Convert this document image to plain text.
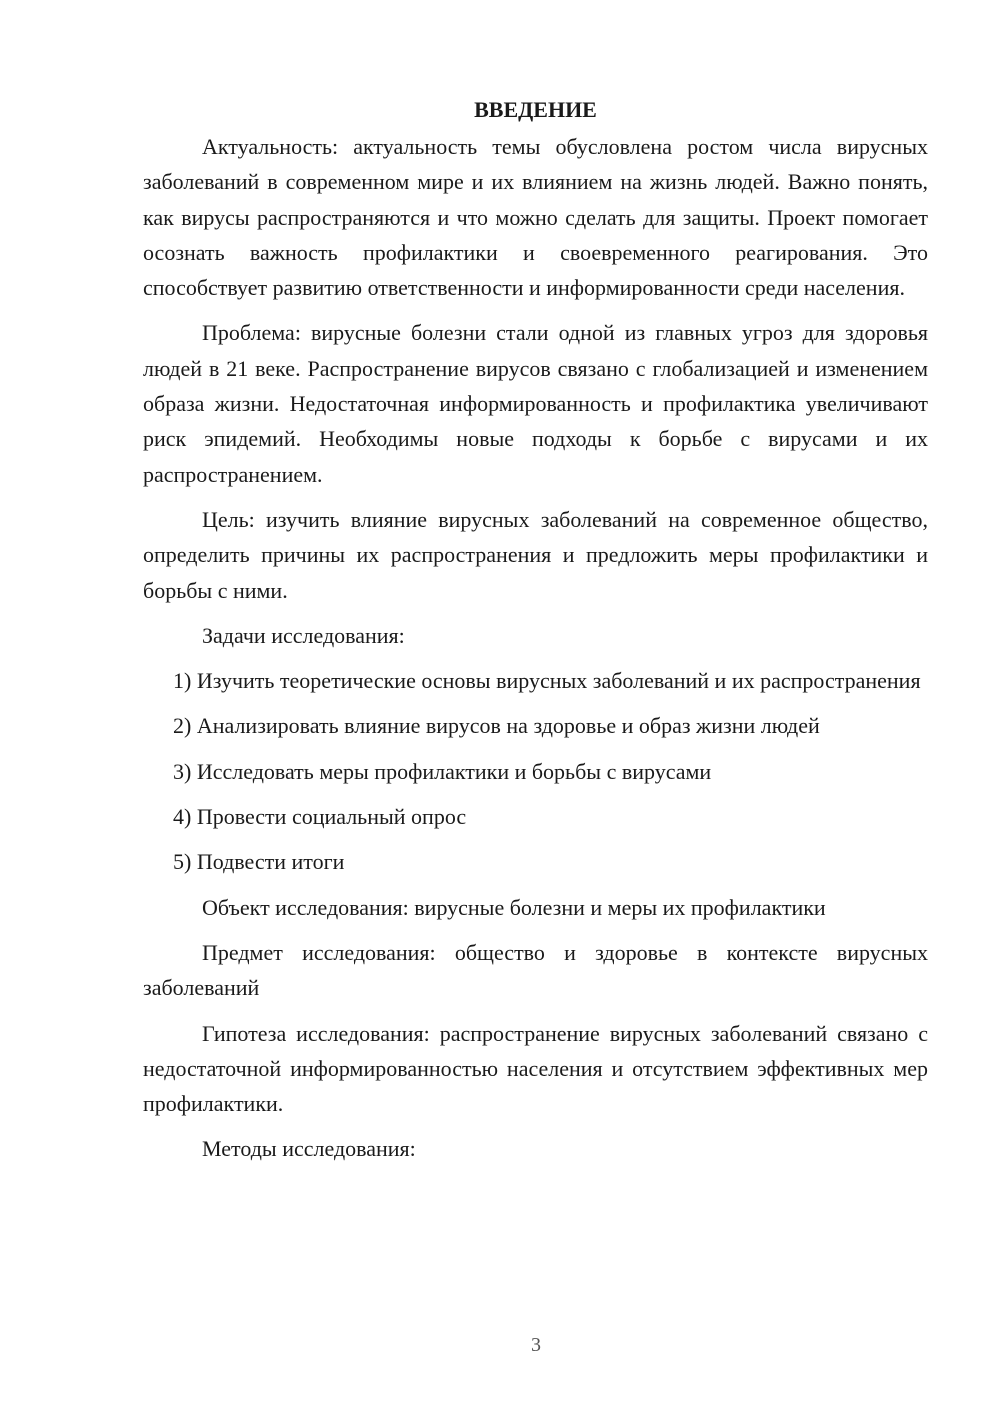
ВВЕДЕНИЕ

Актуальность: актуальность темы обусловлена ростом числа вирусных заболеваний в современном мире и их влиянием на жизнь людей. Важно понять, как вирусы распространяются и что можно сделать для защиты. Проект помогает осознать важность профилактики и своевременного реагирования. Это способствует развитию ответственности и информированности среди населения.

Проблема: вирусные болезни стали одной из главных угроз для здоровья людей в 21 веке. Распространение вирусов связано с глобализацией и изменением образа жизни. Недостаточная информированность и профилактика увеличивают риск эпидемий. Необходимы новые подходы к борьбе с вирусами и их распространением.

Цель: изучить влияние вирусных заболеваний на современное общество, определить причины их распространения и предложить меры профилактики и борьбы с ними.

Задачи исследования:

1) Изучить теоретические основы вирусных заболеваний и их распространения

2) Анализировать влияние вирусов на здоровье и образ жизни людей

3) Исследовать меры профилактики и борьбы с вирусами

4) Провести социальный опрос

5) Подвести итоги

Объект исследования: вирусные болезни и меры их профилактики

Предмет исследования: общество и здоровье в контексте вирусных заболеваний

Гипотеза исследования: распространение вирусных заболеваний связано с недостаточной информированностью населения и отсутствием эффективных мер профилактики.

Методы исследования:

3
